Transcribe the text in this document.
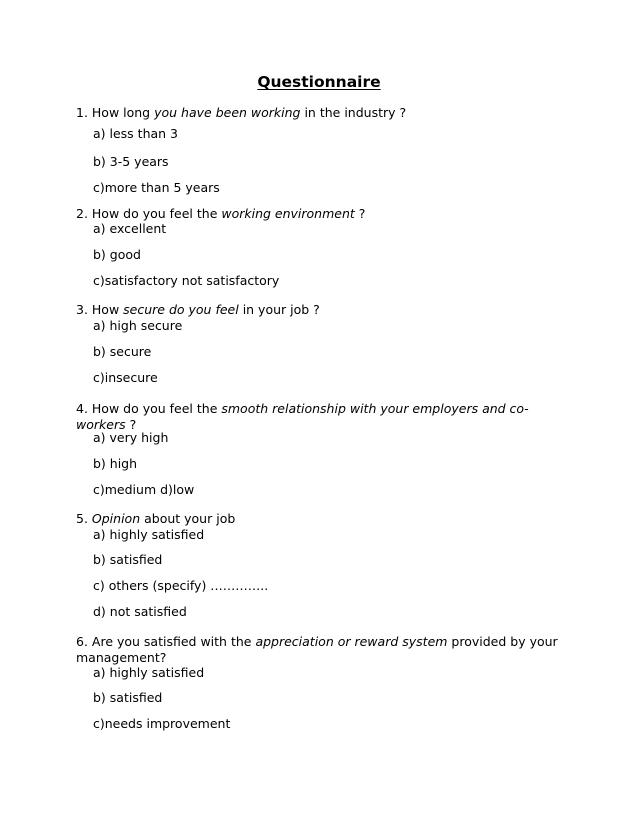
Questionnaire
1. How long you have been working in the industry ?
a) less than 3
b) 3-5 years
c)more than 5 years
2. How do you feel the working environment ?
a) excellent
b) good
c)satisfactory not satisfactory
3. How secure do you feel in your job ?
a) high secure
b) secure
c)insecure
4. How do you feel the smooth relationship with your employers and co-workers ?
a) very high
b) high
c)medium d)low
5. Opinion about your job
a) highly satisfied
b) satisfied
c) others (specify) …………..
d) not satisfied
6. Are you satisfied with the appreciation or reward system provided by your management?
a) highly satisfied
b) satisfied
c)needs improvement
